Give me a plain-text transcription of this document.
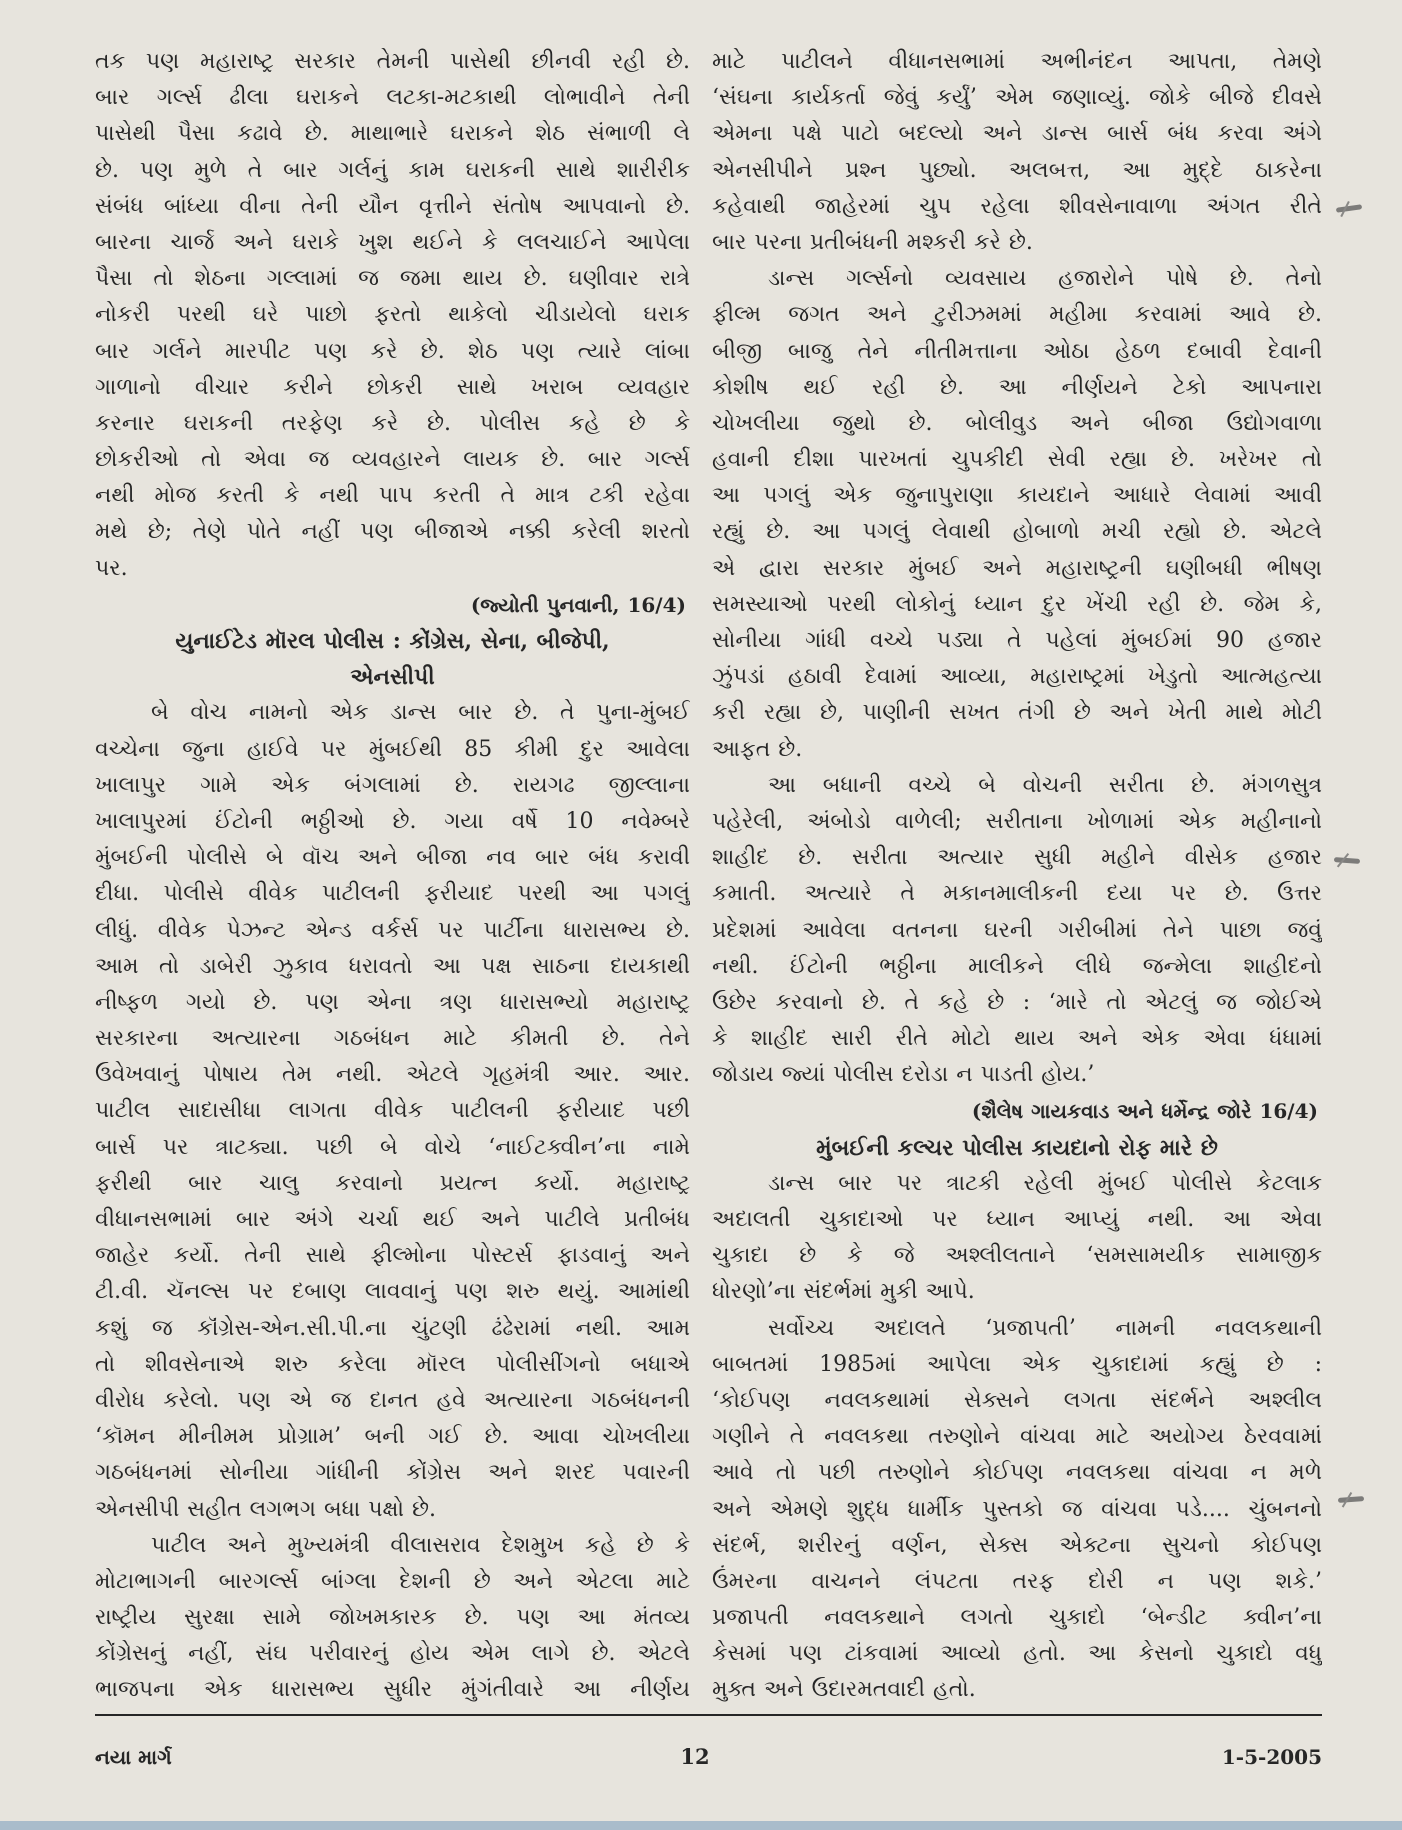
તક પણ મહારાષ્ટ્ર સરકાર તેમની પાસેથી છીનવી રહી છે.
બાર ગર્લ્સ ઢીલા ઘરાકને લટકા-મટકાથી લોભાવીને તેની
પાસેથી પૈસા કઢાવે છે. માથાભારે ઘરાકને શેઠ સંભાળી લે
છે. પણ મુળે તે બાર ગર્લનું કામ ઘરાકની સાથે શારીરીક
સંબંધ બાંધ્યા વીના તેની યૌન વૃત્તીને સંતોષ આપવાનો છે.
બારના ચાર્જ અને ઘરાકે ખુશ થઈને કે લલચાઈને આપેલા
પૈસા તો શેઠના ગલ્લામાં જ જમા થાય છે. ઘણીવાર રાત્રે
નોકરી પરથી ઘરે પાછો ફરતો થાકેલો ચીડાયેલો ઘરાક
બાર ગર્લને મારપીટ પણ કરે છે. શેઠ પણ ત્યારે લાંબા
ગાળાનો વીચાર કરીને છોકરી સાથે ખરાબ વ્યવહાર
કરનાર ઘરાકની તરફેણ કરે છે. પોલીસ કહે છે કે
છોકરીઓ તો એવા જ વ્યવહારને લાયક છે. બાર ગર્લ્સ
નથી મોજ કરતી કે નથી પાપ કરતી તે માત્ર ટકી રહેવા
મથે છે; તેણે પોતે નહીં પણ બીજાએ નક્કી કરેલી શરતો
પર.
(જ્યોતી પુનવાની, 16/4)
યુનાઈટેડ મૉરલ પોલીસ : કોંગ્રેસ, સેના, બીજેપી,
એનસીપી
બે વોચ નામનો એક ડાન્સ બાર છે. તે પુના-મુંબઈ
વચ્ચેના જુના હાઈવે પર મુંબઈથી 85 કીમી દુર આવેલા
ખાલાપુર ગામે એક બંગલામાં છે. રાયગઢ જીલ્લાના
ખાલાપુરમાં ઈંટોની ભઠ્ઠીઓ છે. ગયા વર્ષે 10 નવેમ્બરે
મુંબઈની પોલીસે બે વૉચ અને બીજા નવ બાર બંધ કરાવી
દીધા. પોલીસે વીવેક પાટીલની ફરીયાદ પરથી આ પગલું
લીધું. વીવેક પેઝન્ટ એન્ડ વર્કર્સ પર પાર્ટીના ધારાસભ્ય છે.
આમ તો ડાબેરી ઝુકાવ ધરાવતો આ પક્ષ સાઠના દાયકાથી
નીષ્ફળ ગયો છે. પણ એના ત્રણ ધારાસભ્યો મહારાષ્ટ્ર
સરકારના અત્યારના ગઠબંધન માટે કીમતી છે. તેને
ઉવેખવાનું પોષાય તેમ નથી. એટલે ગૃહમંત્રી આર. આર.
પાટીલ સાદાસીધા લાગતા વીવેક પાટીલની ફરીયાદ પછી
બાર્સ પર ત્રાટક્યા. પછી બે વોચે ‘નાઈટક્વીન’ના નામે
ફરીથી બાર ચાલુ કરવાનો પ્રયત્ન કર્યો. મહારાષ્ટ્ર
વીધાનસભામાં બાર અંગે ચર્ચા થઈ અને પાટીલે પ્રતીબંધ
જાહેર કર્યો. તેની સાથે ફીલ્મોના પોસ્ટર્સ ફાડવાનું અને
ટી.વી. ચૅનલ્સ પર દબાણ લાવવાનું પણ શરુ થયું. આમાંથી
કશું જ કૉંગ્રેસ-એન.સી.પી.ના ચુંટણી ઢંઢેરામાં નથી. આમ
તો શીવસેનાએ શરુ કરેલા મૉરલ પોલીસીંગનો બધાએ
વીરોધ કરેલો. પણ એ જ દાનત હવે અત્યારના ગઠબંધનની
‘કૉમન મીનીમમ પ્રોગ્રામ’ બની ગઈ છે. આવા ચોખલીયા
ગઠબંધનમાં સોનીયા ગાંધીની કોંગ્રેસ અને શરદ પવારની
એનસીપી સહીત લગભગ બધા પક્ષો છે.
પાટીલ અને મુખ્યમંત્રી વીલાસરાવ દેશમુખ કહે છે કે
મોટાભાગની બારગર્લ્સ બાંગ્લા દેશની છે અને એટલા માટે
રાષ્ટ્રીય સુરક્ષા સામે જોખમકારક છે. પણ આ મંતવ્ય
કોંગ્રેસનું નહીં, સંઘ પરીવારનું હોય એમ લાગે છે. એટલે
ભાજપના એક ધારાસભ્ય સુધીર મુંગંતીવારે આ નીર્ણય
માટે પાટીલને વીધાનસભામાં અભીનંદન આપતા, તેમણે
‘સંઘના કાર્યકર્તા જેવું કર્યું’ એમ જણાવ્યું. જોકે બીજે દીવસે
એમના પક્ષે પાટો બદલ્યો અને ડાન્સ બાર્સ બંધ કરવા અંગે
એનસીપીને પ્રશ્ન પુછ્યો. અલબત્ત, આ મુદ્દે ઠાકરેના
કહેવાથી જાહેરમાં ચુપ રહેલા શીવસેનાવાળા અંગત રીતે
બાર પરના પ્રતીબંધની મશ્કરી કરે છે.
ડાન્સ ગર્લ્સનો વ્યવસાય હજારોને પોષે છે. તેનો
ફીલ્મ જગત અને ટુરીઝમમાં મહીમા કરવામાં આવે છે.
બીજી બાજુ તેને નીતીમત્તાના ઓઠા હેઠળ દબાવી દેવાની
કોશીષ થઈ રહી છે. આ નીર્ણયને ટેકો આપનારા
ચોખલીયા જુથો છે. બોલીવુડ અને બીજા ઉદ્યોગવાળા
હવાની દીશા પારખતાં ચુપકીદી સેવી રહ્યા છે. ખરેખર તો
આ પગલું એક જુનાપુરાણા કાયદાને આધારે લેવામાં આવી
રહ્યું છે. આ પગલું લેવાથી હોબાળો મચી રહ્યો છે. એટલે
એ દ્વારા સરકાર મુંબઈ અને મહારાષ્ટ્રની ઘણીબધી ભીષણ
સમસ્યાઓ પરથી લોકોનું ધ્યાન દુર ખેંચી રહી છે. જેમ કે,
સોનીયા ગાંધી વચ્ચે પડ્યા તે પહેલાં મુંબઈમાં 90 હજાર
ઝુંપડાં હઠાવી દેવામાં આવ્યા, મહારાષ્ટ્રમાં ખેડુતો આત્મહત્યા
કરી રહ્યા છે, પાણીની સખત તંગી છે અને ખેતી માથે મોટી
આફત છે.
આ બધાની વચ્ચે બે વોચની સરીતા છે. મંગળસુત્ર
પહેરેલી, અંબોડો વાળેલી; સરીતાના ખોળામાં એક મહીનાનો
શાહીદ છે. સરીતા અત્યાર સુધી મહીને વીસેક હજાર
કમાતી. અત્યારે તે મકાનમાલીકની દયા પર છે. ઉત્તર
પ્રદેશમાં આવેલા વતનના ઘરની ગરીબીમાં તેને પાછા જવું
નથી. ઈંટોની ભઠ્ઠીના માલીકને લીધે જન્મેલા શાહીદનો
ઉછેર કરવાનો છે. તે કહે છે : ‘મારે તો એટલું જ જોઈએ
કે શાહીદ સારી રીતે મોટો થાય અને એક એવા ધંધામાં
જોડાય જ્યાં પોલીસ દરોડા ન પાડતી હોય.’
(શૈલેષ ગાયકવાડ અને ધર્મેન્દ્ર જોરે 16/4)
મુંબઈની કલ્ચર પોલીસ કાયદાનો રોફ મારે છે
ડાન્સ બાર પર ત્રાટકી રહેલી મુંબઈ પોલીસે કેટલાક
અદાલતી ચુકાદાઓ પર ધ્યાન આપ્યું નથી. આ એવા
ચુકાદા છે કે જે અશ્લીલતાને ‘સમસામયીક સામાજીક
ધોરણો’ના સંદર્ભમાં મુકી આપે.
સર્વોચ્ચ અદાલતે ‘પ્રજાપતી’ નામની નવલકથાની
બાબતમાં 1985માં આપેલા એક ચુકાદામાં કહ્યું છે :
‘કોઈપણ નવલકથામાં સેક્સને લગતા સંદર્ભને અશ્લીલ
ગણીને તે નવલકથા તરુણોને વાંચવા માટે અયોગ્ય ઠેરવવામાં
આવે તો પછી તરુણોને કોઈપણ નવલકથા વાંચવા ન મળે
અને એમણે શુદ્ધ ધાર્મીક પુસ્તકો જ વાંચવા પડે.... ચુંબનનો
સંદર્ભ, શરીરનું વર્ણન, સેક્સ એક્ટના સુચનો કોઈપણ
ઉંમરના વાચનને લંપટતા તરફ દોરી ન પણ શકે.’
પ્રજાપતી નવલકથાને લગતો ચુકાદો ‘બેન્ડીટ ક્વીન’ના
કેસમાં પણ ટાંકવામાં આવ્યો હતો. આ કેસનો ચુકાદો વધુ
મુક્ત અને ઉદારમતવાદી હતો.
નયા માર્ગ	12	1-5-2005
